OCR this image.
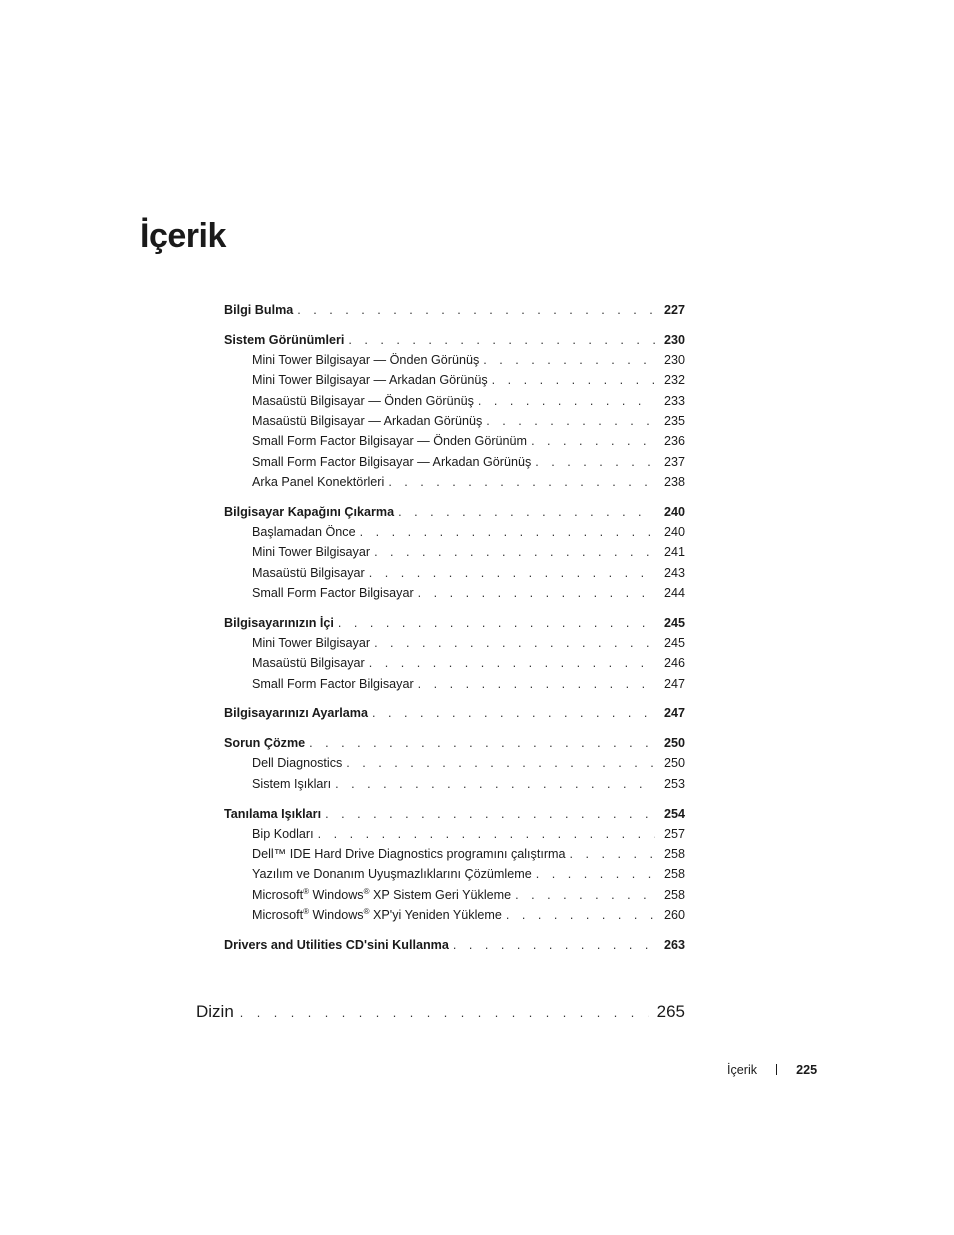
İçerik
Bilgi Bulma . . .	227
Sistem Görünümleri . . .	230
Mini Tower Bilgisayar — Önden Görünüş . . .	230
Mini Tower Bilgisayar — Arkadan Görünüş . . .	232
Masaüstü Bilgisayar — Önden Görünüş . . .	233
Masaüstü Bilgisayar — Arkadan Görünüş . . .	235
Small Form Factor Bilgisayar — Önden Görünüm . . .	236
Small Form Factor Bilgisayar — Arkadan Görünüş . . .	237
Arka Panel Konektörleri . . .	238
Bilgisayar Kapağını Çıkarma . . .	240
Başlamadan Önce . . .	240
Mini Tower Bilgisayar . . .	241
Masaüstü Bilgisayar . . .	243
Small Form Factor Bilgisayar . . .	244
Bilgisayarınızın İçi . . .	245
Mini Tower Bilgisayar . . .	245
Masaüstü Bilgisayar . . .	246
Small Form Factor Bilgisayar . . .	247
Bilgisayarınızı Ayarlama . . .	247
Sorun Çözme . . .	250
Dell Diagnostics . . .	250
Sistem Işıkları . . .	253
Tanılama Işıkları . . .	254
Bip Kodları . . .	257
Dell™ IDE Hard Drive Diagnostics programını çalıştırma . . .	258
Yazılım ve Donanım Uyuşmazlıklarını Çözümleme . . .	258
Microsoft® Windows® XP Sistem Geri Yükleme . . .	258
Microsoft® Windows® XP'yi Yeniden Yükleme . . .	260
Drivers and Utilities CD'sini Kullanma . . .	263
Dizin . . .	265
İçerik	225
